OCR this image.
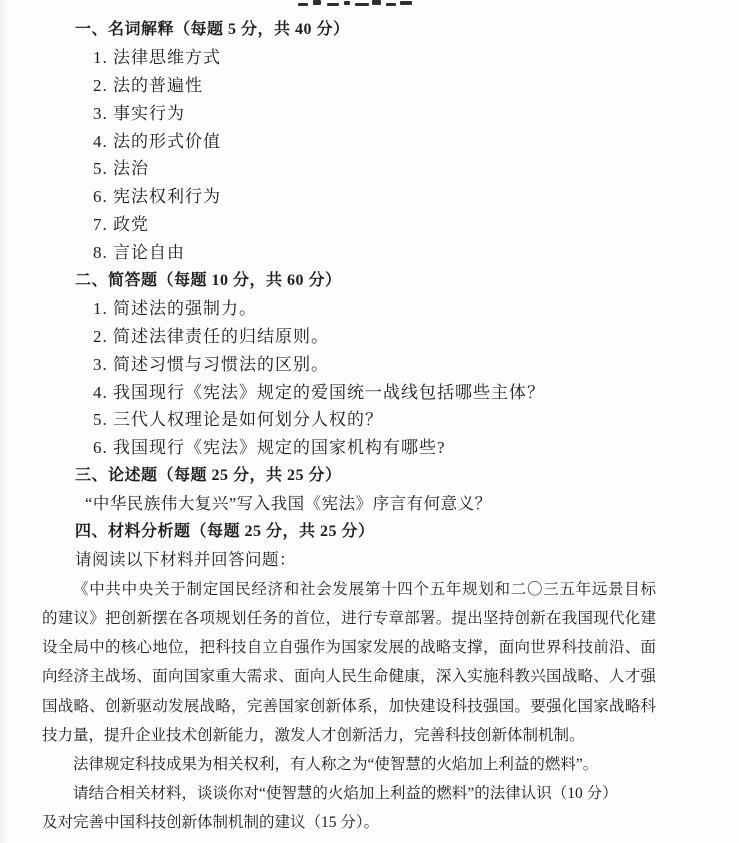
一、名词解释（每题 5 分，共 40 分）
1. 法律思维方式
2. 法的普遍性
3. 事实行为
4. 法的形式价值
5. 法治
6. 宪法权利行为
7. 政党
8. 言论自由
二、简答题（每题 10 分，共 60 分）
1. 简述法的强制力。
2. 简述法律责任的归结原则。
3. 简述习惯与习惯法的区别。
4. 我国现行《宪法》规定的爱国统一战线包括哪些主体？
5. 三代人权理论是如何划分人权的？
6. 我国现行《宪法》规定的国家机构有哪些?
三、论述题（每题 25 分，共 25 分）
“中华民族伟大复兴”写入我国《宪法》序言有何意义？
四、材料分析题（每题 25 分，共 25 分）
请阅读以下材料并回答问题：
《中共中央关于制定国民经济和社会发展第十四个五年规划和二〇三五年远景目标
的建议》把创新摆在各项规划任务的首位，进行专章部署。提出坚持创新在我国现代化建
设全局中的核心地位，把科技自立自强作为国家发展的战略支撑，面向世界科技前沿、面
向经济主战场、面向国家重大需求、面向人民生命健康，深入实施科教兴国战略、人才强
国战略、创新驱动发展战略，完善国家创新体系，加快建设科技强国。要强化国家战略科
技力量，提升企业技术创新能力，激发人才创新活力，完善科技创新体制机制。
法律规定科技成果为相关权利，有人称之为“使智慧的火焰加上利益的燃料”。
请结合相关材料，谈谈你对“使智慧的火焰加上利益的燃料”的法律认识（10 分）
及对完善中国科技创新体制机制的建议（15 分）。
